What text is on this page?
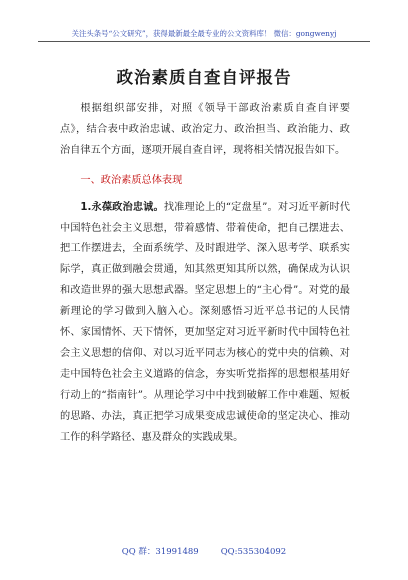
关注头条号“公文研究”，获得最新最全最专业的公文资料库！ 微信：gongwenyj
政治素质自查自评报告

根据组织部安排，对照《领导干部政治素质自查自评要点》，结合表中政治忠诚、政治定力、政治担当、政治能力、政治自律五个方面，逐项开展自查自评，现将相关情况报告如下。

一、政治素质总体表现

1.永葆政治忠诚。找准理论上的“定盘星”。对习近平新时代中国特色社会主义思想，带着感情、带着使命，把自己摆进去、把工作摆进去，全面系统学、及时跟进学、深入思考学、联系实际学，真正做到融会贯通，知其然更知其所以然，确保成为认识和改造世界的强大思想武器。坚定思想上的“主心骨”。对党的最新理论的学习做到入脑入心。深刻感悟习近平总书记的人民情怀、家国情怀、天下情怀，更加坚定对习近平新时代中国特色社会主义思想的信仰、对以习近平同志为核心的党中央的信赖、对走中国特色社会主义道路的信念，夯实听党指挥的思想根基用好行动上的“指南针”。从理论学习中中找到破解工作中难题、短板的思路、办法，真正把学习成果变成忠诚使命的坚定决心、推动工作的科学路径、惠及群众的实践成果。

QQ 群：31991489	QQ:535304092
